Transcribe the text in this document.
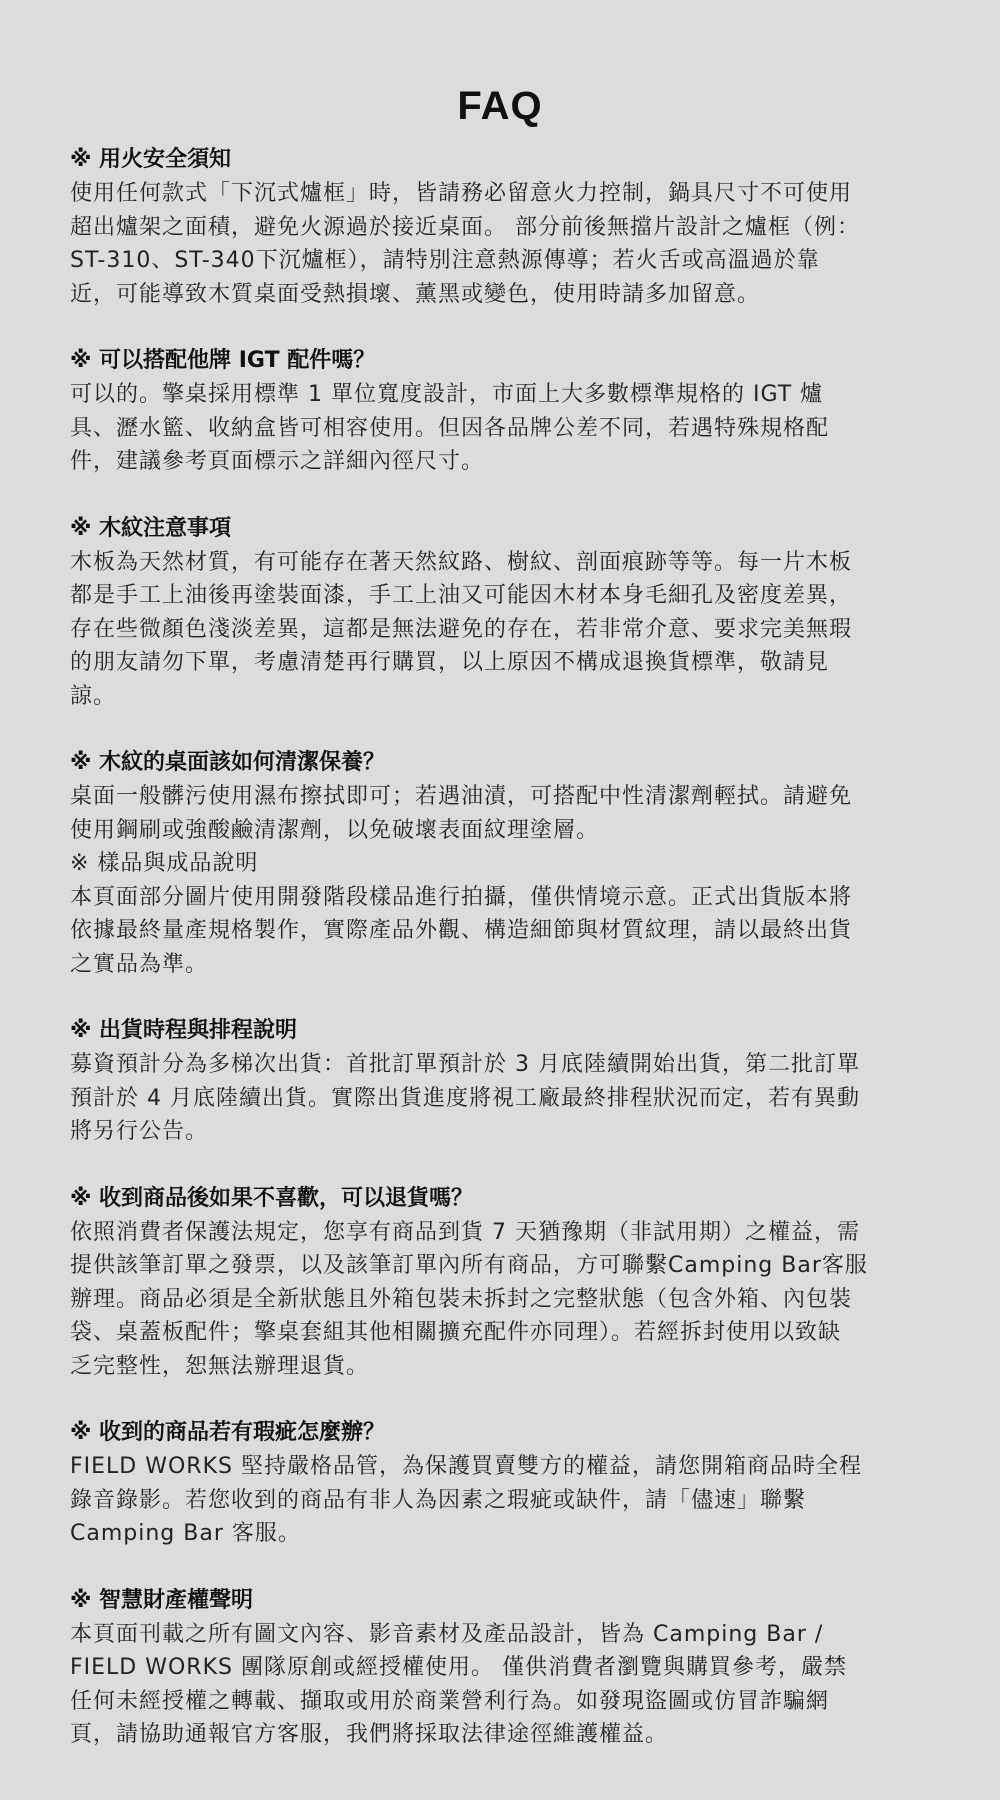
FAQ

※ 用火安全須知

使用任何款式「下沉式爐框」時，皆請務必留意火力控制，鍋具尺寸不可使用
超出爐架之面積，避免火源過於接近桌面。 部分前後無擋片設計之爐框（例：
ST-310、ST-340下沉爐框），請特別注意熱源傳導；若火舌或高溫過於靠
近，可能導致木質桌面受熱損壞、薰黑或變色，使用時請多加留意。

※ 可以搭配他牌 IGT 配件嗎？

可以的。擎桌採用標準 1 單位寬度設計，市面上大多數標準規格的 IGT 爐
具、瀝水籃、收納盒皆可相容使用。但因各品牌公差不同，若遇特殊規格配
件，建議參考頁面標示之詳細內徑尺寸。

※ 木紋注意事項

木板為天然材質，有可能存在著天然紋路、樹紋、剖面痕跡等等。每一片木板
都是手工上油後再塗裝面漆，手工上油又可能因木材本身毛細孔及密度差異，
存在些微顏色淺淡差異，這都是無法避免的存在，若非常介意、要求完美無瑕
的朋友請勿下單，考慮清楚再行購買，以上原因不構成退換貨標準，敬請見
諒。

※ 木紋的桌面該如何清潔保養？

桌面一般髒污使用濕布擦拭即可；若遇油漬，可搭配中性清潔劑輕拭。請避免
使用鋼刷或強酸鹼清潔劑，以免破壞表面紋理塗層。
※ 樣品與成品說明
本頁面部分圖片使用開發階段樣品進行拍攝，僅供情境示意。正式出貨版本將
依據最終量產規格製作，實際產品外觀、構造細節與材質紋理，請以最終出貨
之實品為準。

※ 出貨時程與排程說明

募資預計分為多梯次出貨：首批訂單預計於 3 月底陸續開始出貨，第二批訂單
預計於 4 月底陸續出貨。實際出貨進度將視工廠最終排程狀況而定，若有異動
將另行公告。

※ 收到商品後如果不喜歡，可以退貨嗎？

依照消費者保護法規定，您享有商品到貨 7 天猶豫期（非試用期）之權益，需
提供該筆訂單之發票，以及該筆訂單內所有商品，方可聯繫Camping Bar客服
辦理。商品必須是全新狀態且外箱包裝未拆封之完整狀態（包含外箱、內包裝
袋、桌蓋板配件；擎桌套組其他相關擴充配件亦同理）。若經拆封使用以致缺
乏完整性，恕無法辦理退貨。

※ 收到的商品若有瑕疵怎麼辦？

FIELD WORKS 堅持嚴格品管，為保護買賣雙方的權益，請您開箱商品時全程
錄音錄影。若您收到的商品有非人為因素之瑕疵或缺件，請「儘速」聯繫
Camping Bar 客服。

※ 智慧財產權聲明

本頁面刊載之所有圖文內容、影音素材及產品設計，皆為 Camping Bar /
FIELD WORKS 團隊原創或經授權使用。 僅供消費者瀏覽與購買參考，嚴禁
任何未經授權之轉載、擷取或用於商業營利行為。如發現盜圖或仿冒詐騙網
頁，請協助通報官方客服，我們將採取法律途徑維護權益。
